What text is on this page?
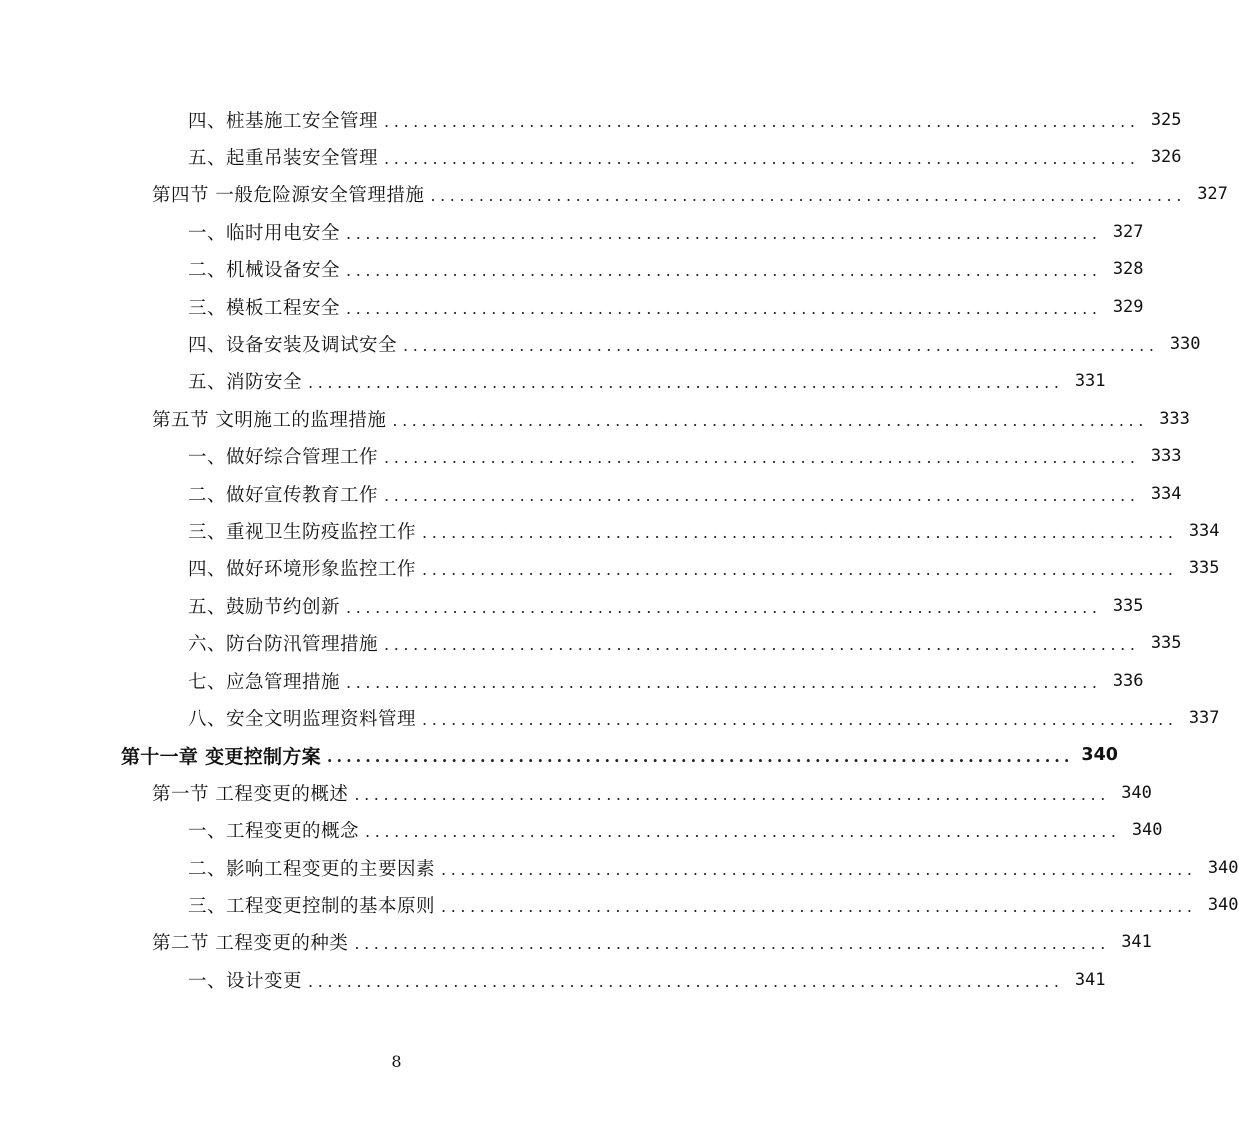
四、桩基施工安全管理 .............................................................................. 325
五、起重吊装安全管理 .............................................................................. 326
第四节 一般危险源安全管理措施 .............................................................................. 327
一、临时用电安全 .............................................................................. 327
二、机械设备安全 .............................................................................. 328
三、模板工程安全 .............................................................................. 329
四、设备安装及调试安全 .............................................................................. 330
五、消防安全 .............................................................................. 331
第五节 文明施工的监理措施 .............................................................................. 333
一、做好综合管理工作 .............................................................................. 333
二、做好宣传教育工作 .............................................................................. 334
三、重视卫生防疫监控工作 .............................................................................. 334
四、做好环境形象监控工作 .............................................................................. 335
五、鼓励节约创新 .............................................................................. 335
六、防台防汛管理措施 .............................................................................. 335
七、应急管理措施 .............................................................................. 336
八、安全文明监理资料管理 .............................................................................. 337
第十一章 变更控制方案 .............................................................................. 340
第一节 工程变更的概述 .............................................................................. 340
一、工程变更的概念 .............................................................................. 340
二、影响工程变更的主要因素 .............................................................................. 340
三、工程变更控制的基本原则 .............................................................................. 340
第二节 工程变更的种类 .............................................................................. 341
一、设计变更 .............................................................................. 341
8
